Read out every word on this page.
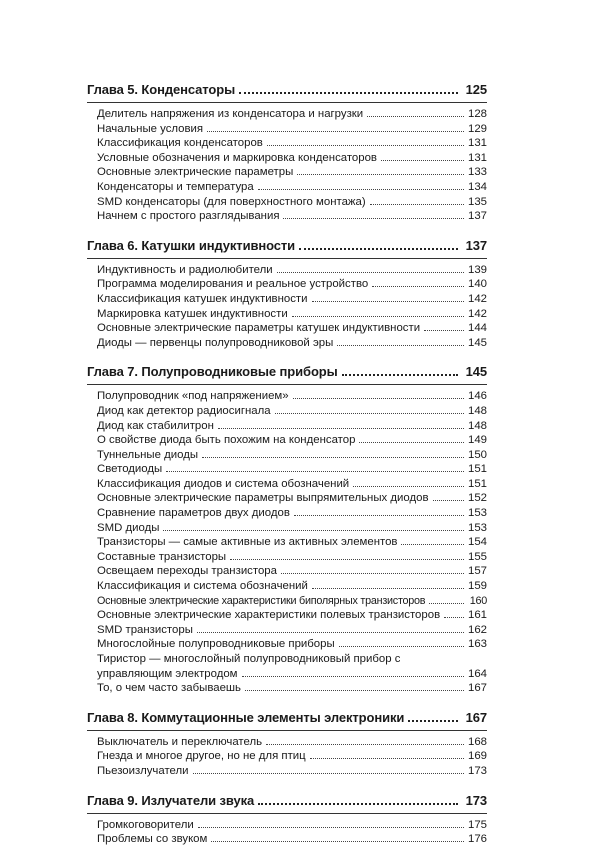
Глава 5. Конденсаторы	125
Делитель напряжения из конденсатора и нагрузки	128
Начальные условия	129
Классификация конденсаторов	131
Условные обозначения и маркировка конденсаторов	131
Основные электрические параметры	133
Конденсаторы и температура	134
SMD конденсаторы (для поверхностного монтажа)	135
Начнем с простого разглядывания	137
Глава 6. Катушки индуктивности	137
Индуктивность и радиолюбители	139
Программа моделирования и реальное устройство	140
Классификация катушек индуктивности	142
Маркировка катушек индуктивности	142
Основные электрические параметры катушек индуктивности	144
Диоды — первенцы полупроводниковой эры	145
Глава 7. Полупроводниковые приборы	145
Полупроводник «под напряжением»	146
Диод как детектор радиосигнала	148
Диод как стабилитрон	148
О свойстве диода быть похожим на конденсатор	149
Туннельные диоды	150
Светодиоды	151
Классификация диодов и система обозначений	151
Основные электрические параметры выпрямительных диодов	152
Сравнение параметров двух диодов	153
SMD диоды	153
Транзисторы — самые активные из активных элементов	154
Составные транзисторы	155
Освещаем переходы транзистора	157
Классификация и система обозначений	159
Основные электрические характеристики биполярных транзисторов	160
Основные электрические характеристики полевых транзисторов 161
SMD транзисторы	162
Многослойные полупроводниковые приборы	163
Тиристор — многослойный полупроводниковый прибор с
управляющим электродом	164
То, о чем часто забываешь	167
Глава 8. Коммутационные элементы электроники	167
Выключатель и переключатель	168
Гнезда и многое другое, но не для птиц	169
Пьезоизлучатели	173
Глава 9. Излучатели звука	173
Громкоговорители	175
Проблемы со звуком	176
